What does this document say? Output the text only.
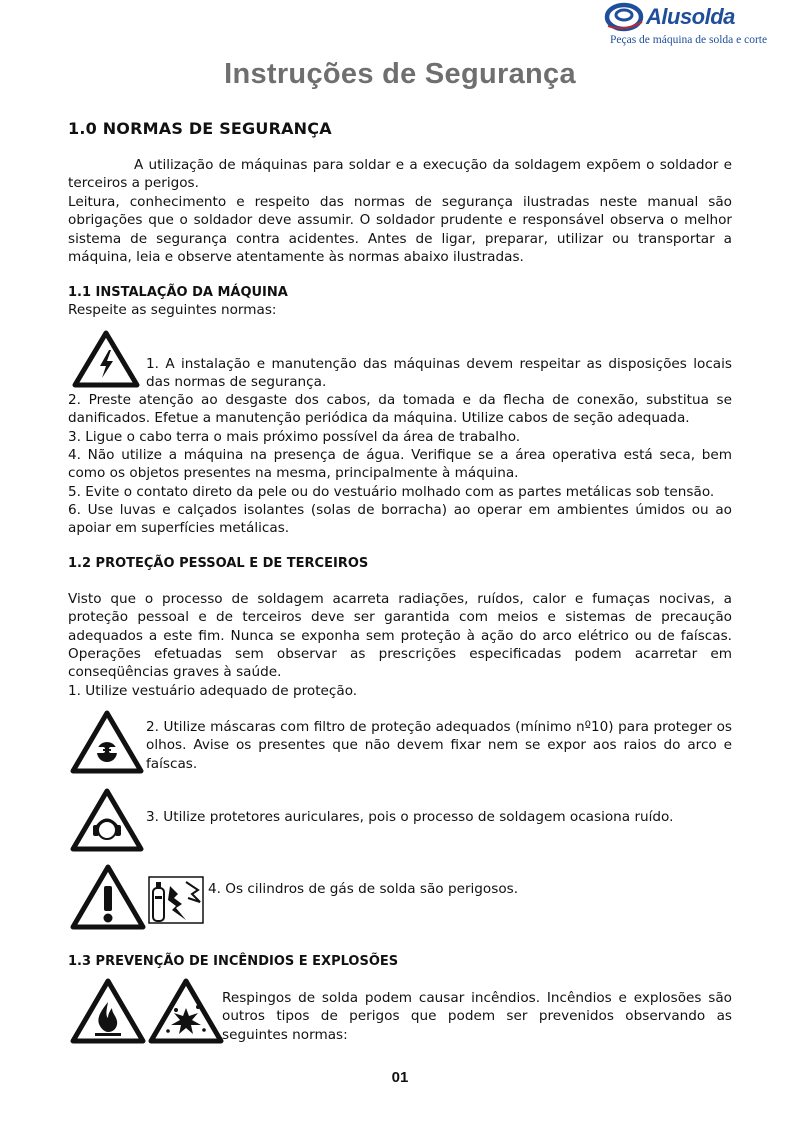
Alusolda
Peças de máquina de solda e corte
Instruções de Segurança
1.0 NORMAS DE SEGURANÇA
A utilização de máquinas para soldar e a execução da soldagem expõem o soldador e terceiros a perigos.
Leitura, conhecimento e respeito das normas de segurança ilustradas neste manual são obrigações que o soldador deve assumir. O soldador prudente e responsável observa o melhor sistema de segurança contra acidentes. Antes de ligar, preparar, utilizar ou transportar a máquina, leia e observe atentamente às normas abaixo ilustradas.
1.1 INSTALAÇÃO DA MÁQUINA
Respeite as seguintes normas:
1. A instalação e manutenção das máquinas devem respeitar as disposições locais das normas de segurança.
2. Preste atenção ao desgaste dos cabos, da tomada e da flecha de conexão, substitua se danificados. Efetue a manutenção periódica da máquina. Utilize cabos de seção adequada.
3. Ligue o cabo terra o mais próximo possível da área de trabalho.
4. Não utilize a máquina na presença de água. Verifique se a área operativa está seca, bem como os objetos presentes na mesma, principalmente à máquina.
5. Evite o contato direto da pele ou do vestuário molhado com as partes metálicas sob tensão.
6. Use luvas e calçados isolantes (solas de borracha) ao operar em ambientes úmidos ou ao apoiar em superfícies metálicas.
1.2 PROTEÇÃO PESSOAL E DE TERCEIROS
Visto que o processo de soldagem acarreta radiações, ruídos, calor e fumaças nocivas, a proteção pessoal e de terceiros deve ser garantida com meios e sistemas de precaução adequados a este fim. Nunca se exponha sem proteção à ação do arco elétrico ou de faíscas. Operações efetuadas sem observar as prescrições especificadas podem acarretar em conseqüências graves à saúde.
1. Utilize vestuário adequado de proteção.
2. Utilize máscaras com filtro de proteção adequados (mínimo nº10) para proteger os olhos. Avise os presentes que não devem fixar nem se expor aos raios do arco e faíscas.
3. Utilize protetores auriculares, pois o processo de soldagem ocasiona ruído.
4. Os cilindros de gás de solda são perigosos.
1.3 PREVENÇÃO DE INCÊNDIOS E EXPLOSÕES
Respingos de solda podem causar incêndios. Incêndios e explosões são outros tipos de perigos que podem ser prevenidos observando as seguintes normas:
01
